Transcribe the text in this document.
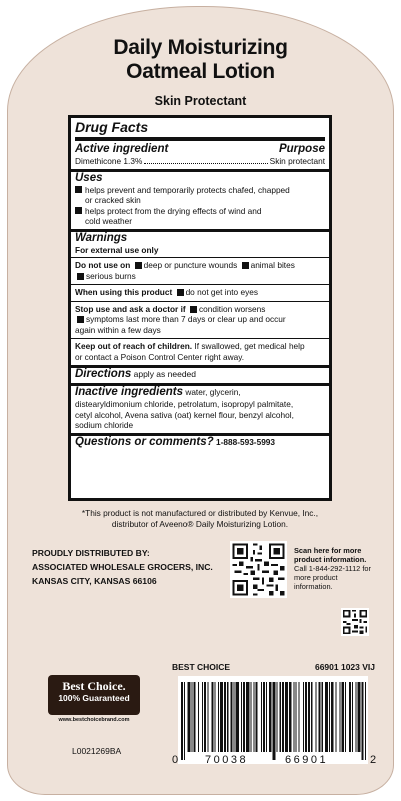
Daily Moisturizing
Oatmeal Lotion
Skin Protectant
Drug Facts
Active ingredient	Purpose
Dimethicone 1.3%	Skin protectant
Uses
helps prevent and temporarily protects chafed, chapped
or cracked skin
helps protect from the drying effects of wind and
cold weather
Warnings
For external use only
Do not use on deep or puncture wounds animal bites
serious burns
When using this product do not get into eyes
Stop use and ask a doctor if condition worsens
symptoms last more than 7 days or clear up and occur
again within a few days
Keep out of reach of children. If swallowed, get medical help
or contact a Poison Control Center right away.
Directions apply as needed
Inactive ingredients water, glycerin,
distearyldimonium chloride, petrolatum, isopropyl palmitate,
cetyl alcohol, Avena sativa (oat) kernel flour, benzyl alcohol,
sodium chloride
Questions or comments? 1-888-593-5993
*This product is not manufactured or distributed by Kenvue, Inc.,
distributor of Aveeno® Daily Moisturizing Lotion.
PROUDLY DISTRIBUTED BY:
ASSOCIATED WHOLESALE GROCERS, INC.
KANSAS CITY, KANSAS 66106
Scan here for more
product information.
Call 1-844-292-1112 for
more product information.
Best Choice.
100% Guaranteed
www.bestchoicebrand.com
L0021269BA
BEST CHOICE	66901 1023 VIJ
0 70038	66901	2
